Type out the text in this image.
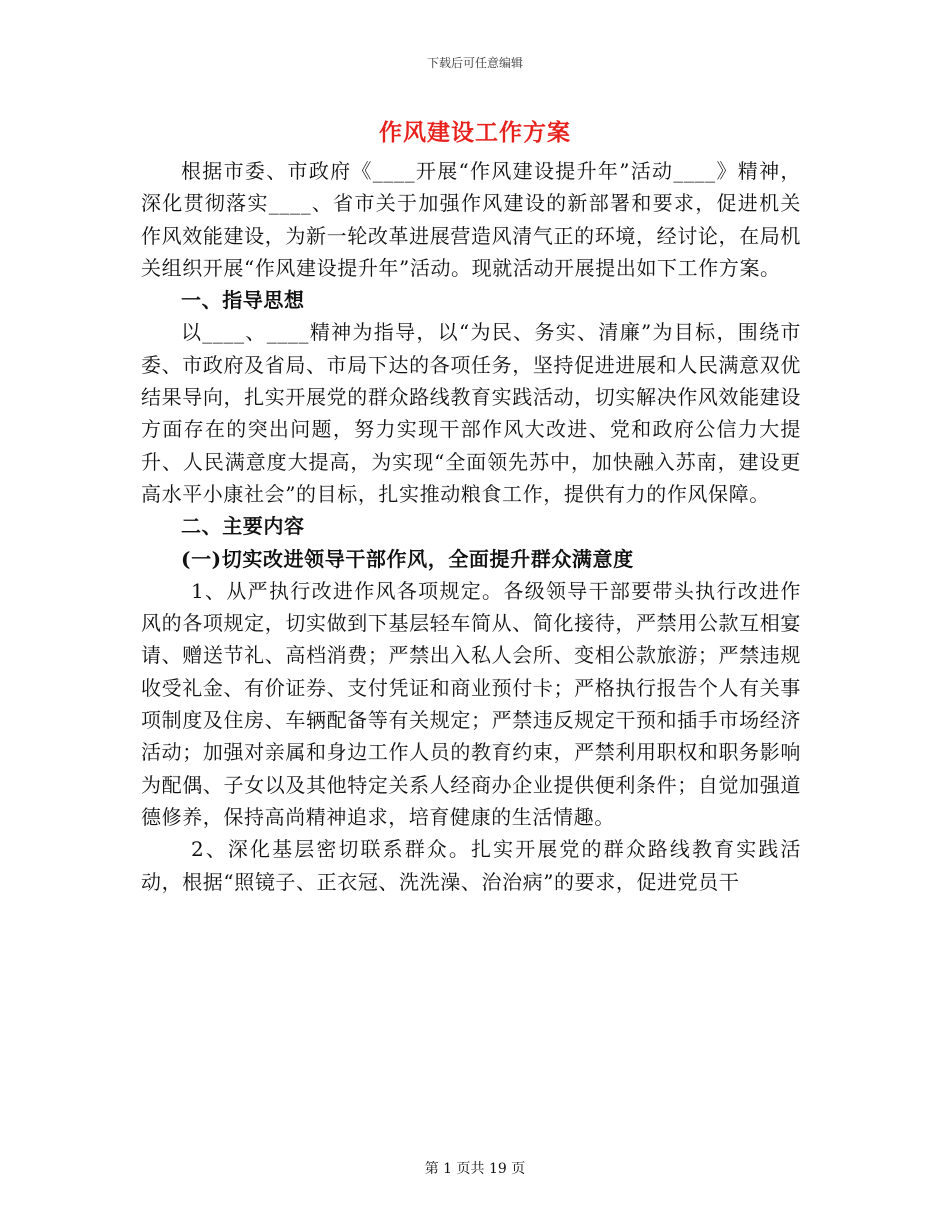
下载后可任意编辑
作风建设工作方案

根据市委、市政府《____开展“作风建设提升年”活动____》精神，深化贯彻落实____、省市关于加强作风建设的新部署和要求，促进机关作风效能建设，为新一轮改革进展营造风清气正的环境，经讨论，在局机关组织开展“作风建设提升年”活动。现就活动开展提出如下工作方案。

一、指导思想

以____、____精神为指导，以“为民、务实、清廉”为目标，围绕市委、市政府及省局、市局下达的各项任务，坚持促进进展和人民满意双优结果导向，扎实开展党的群众路线教育实践活动，切实解决作风效能建设方面存在的突出问题，努力实现干部作风大改进、党和政府公信力大提升、人民满意度大提高，为实现“全面领先苏中，加快融入苏南，建设更高水平小康社会”的目标，扎实推动粮食工作，提供有力的作风保障。

二、主要内容

(一)切实改进领导干部作风，全面提升群众满意度

1、从严执行改进作风各项规定。各级领导干部要带头执行改进作风的各项规定，切实做到下基层轻车简从、简化接待，严禁用公款互相宴请、赠送节礼、高档消费；严禁出入私人会所、变相公款旅游；严禁违规收受礼金、有价证券、支付凭证和商业预付卡；严格执行报告个人有关事项制度及住房、车辆配备等有关规定；严禁违反规定干预和插手市场经济活动；加强对亲属和身边工作人员的教育约束，严禁利用职权和职务影响为配偶、子女以及其他特定关系人经商办企业提供便利条件；自觉加强道德修养，保持高尚精神追求，培育健康的生活情趣。

2、深化基层密切联系群众。扎实开展党的群众路线教育实践活动，根据“照镜子、正衣冠、洗洗澡、治治病”的要求，促进党员干

第 1 页共 19 页
